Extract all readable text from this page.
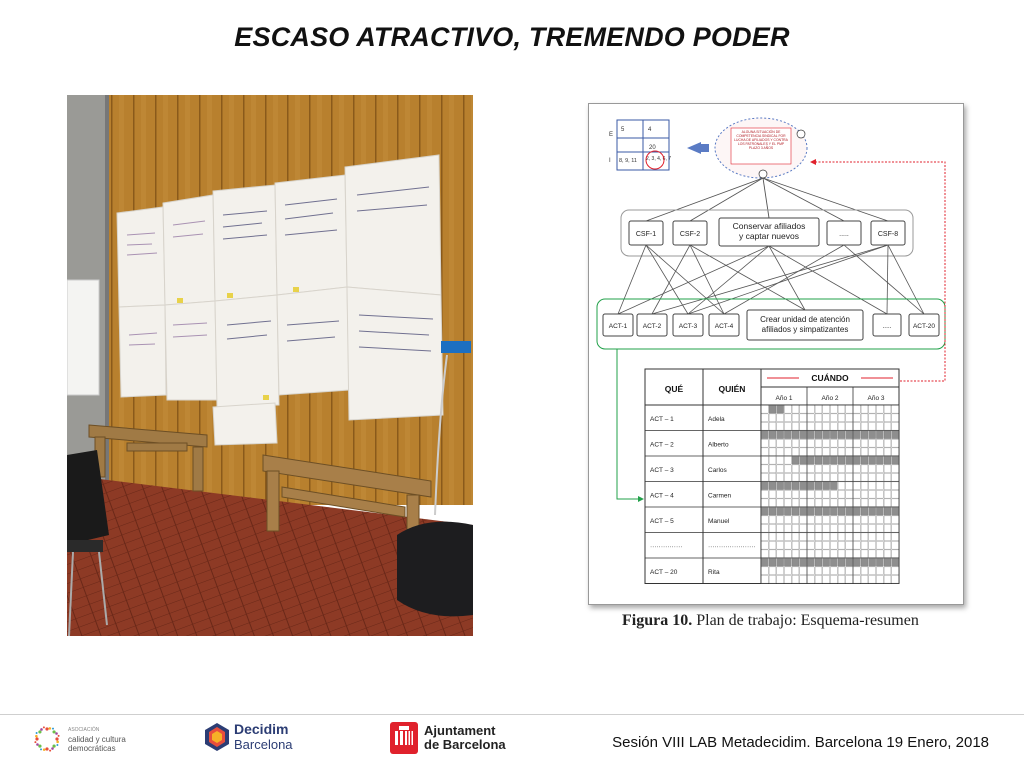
ESCASO ATRACTIVO, TREMENDO PODER
E
I
5	4
20
8, 9, 11 2, 3, 4, 6, 7
ALGUNA SITUACIÓN DE COMPETENCIA SINDICAL FOR LUCHA DE AFILIADOS Y CONTRA LOS PATRONALES Y EL PMP
PLAZO 3 AÑOS
CSF-1	CSF-2
Conservar afiliados
y captar nuevos	.....	CSF-8
ACT-1 ACT-2	ACT-3	ACT-4
Crear unidad de atención
afiliados y simpatizantes	.....	ACT-20
QUÉ	QUIÉN
CUÁNDO
Año 1	Año 2	Año 3
ACT – 1	Adela
ACT – 2	Alberto
ACT – 3	Carlos
ACT – 4	Carmen
ACT – 5	Manuel
···············	······················
ACT – 20	Rita
Figura 10. Plan de trabajo: Esquema-resumen
ASOCIACIÓN
calidad y cultura
democráticas
Decidim
Barcelona
Ajuntament
de Barcelona	Sesión VIII LAB Metadecidim. Barcelona 19 Enero, 2018
